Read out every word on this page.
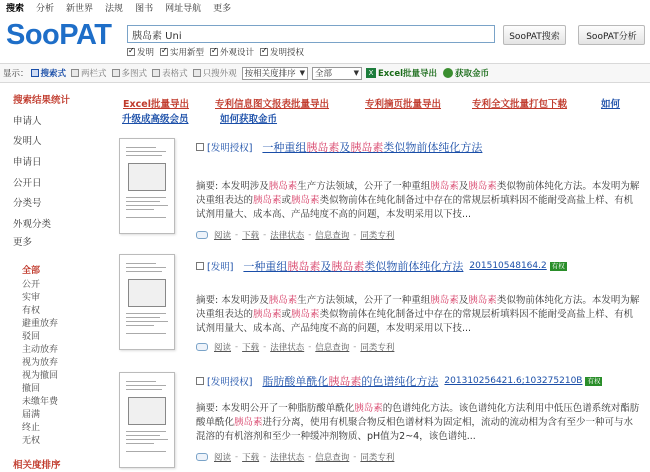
搜索 分析 新世界 法规 图书 网址导航 更多
SooPAT
胰岛素 Uni	SooPAT搜索	SooPAT分析
✓
发明 ✓ 实用新型 ✓ 外观设计 ✓ 发明授权
显示： 搜索式 两栏式 多图式 表格式 只搜外观 按相关度排序 ▼ 全部	▼	X Excel批量导出 获取金币
搜索结果统计
申请人
发明人
申请日
公开日
分类号
外观分类
更多
全部
公开
实审
有权
避重放弃
驳回
主动放弃
视为放弃
视为撤回
撤回
未缴年费
届满
终止
无权
相关度排序
Excel批量导出	专利信息图文报表批量导出	专利摘页批量导出	专利全文批量打包下载	如何
升级成高级会员	如何获取金币
[发明授权] 一种重组胰岛素及胰岛素类似物前体纯化方法
摘要: 本发明涉及胰岛素生产方法领域，公开了一种重组胰岛素及胰岛素类似物前体纯化方法。本发明为解决重组表达的胰岛素或胰岛素类似物前体在纯化制备过中存在的常规层析填料因不能耐受高盐上样、有机试剂用量大、成本高、产品纯度不高的问题，本发明采用以下技...
阅读 - 下载 - 法律状态 - 信息查询 - 同类专利
[发明] 一种重组胰岛素及胰岛素类似物前体纯化方法 201510548164.2 有权
摘要: 本发明涉及胰岛素生产方法领域，公开了一种重组胰岛素及胰岛素类似物前体纯化方法。本发明为解决重组表达的胰岛素或胰岛素类似物前体在纯化制备过中存在的常规层析填料因不能耐受高盐上样、有机试剂用量大、成本高、产品纯度不高的问题，本发明采用以下技...
阅读 - 下载 - 法律状态 - 信息查询 - 同类专利
[发明授权] 脂肪酸单酰化胰岛素的色谱纯化方法 201310256421.6;103275210B 有权
摘要: 本发明公开了一种脂肪酸单酰化胰岛素的色谱纯化方法。该色谱纯化方法利用中低压色谱系统对酯肪酸单酰化胰岛素进行分离，使用有机聚合物反相色谱材料为固定相，流动的流动相为含有至少一种可与水混溶的有机溶剂和至少一种缓冲剂物质、pH值为2~4，该色谱纯...
阅读 - 下载 - 法律状态 - 信息查询 - 同类专利
